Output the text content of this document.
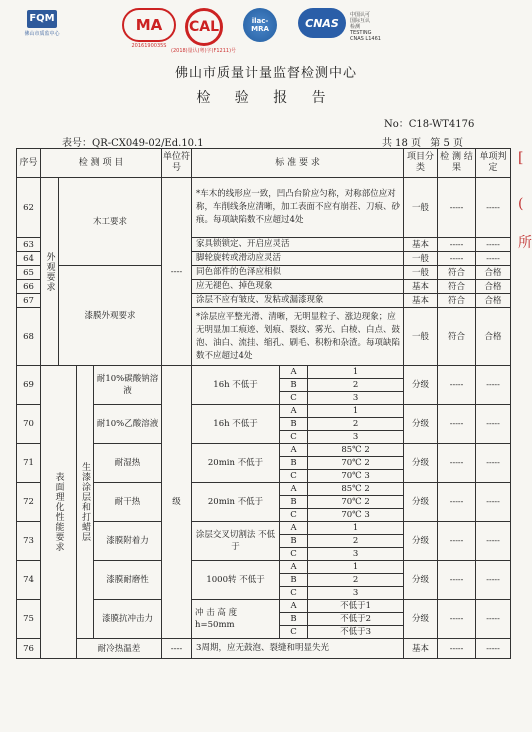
FQM
佛山市质监中心	MA
2016190035S
CAL
(2018)量认(粤)字(F1211)号
ilac-MRA	CNAS
中国认可
国际互认
检测
TESTING
CNAS L1461
佛山市质量计量监督检测中心
检 验 报 告
No：C18-WT4176
表号：QR-CX049-02/Ed.10.1	共 18 页 第 5 页
[
(
所
序号	检 测 项 目				单位符号	标 准 要 求			项目分类	检 测 结 果	单项判定
62	外观要求	木工要求			----	*车木的线形应一致，凹凸台阶应匀称，对称部位应对称，车削线条应清晰，加工表面不应有崩茬、刀痕、砂痕。每项缺陷数不应超过4处			一般	-----	-----
63						家具锁锁定、开启应灵活			基本	-----	-----
64						脚轮旋转或滑动应灵活			一般	-----	-----
65		漆膜外观要求				同色部件的色泽应相似			一般	符合	合格
66						应无褪色、掉色现象			基本	符合	合格
67						涂层不应有皱皮、发粘或漏漆现象			基本	符合	合格
68						*涂层应平整光滑、清晰，无明显粒子、涨边现象；应无明显加工痕迹、划痕、裂纹、雾光、白棱、白点、鼓泡、油白、流挂、缩孔、刷毛、积粉和杂渣。每项缺陷数不应超过4处			一般	符合	合格
69	表面理化性能要求		生漆涂层和打蜡层	耐10%碳酸钠溶液	级	16h 不低于	A	1	分级	-----	-----
							B	2			
							C	3			
70				耐10%乙酸溶液		16h 不低于	A	1	分级	-----	-----
							B	2			
							C	3			
71				耐湿热		20min 不低于	A	85℃ 2	分级	-----	-----
							B	70℃ 2			
							C	70℃ 3			
72				耐干热		20min 不低于	A	85℃ 2	分级	-----	-----
							B	70℃ 2			
							C	70℃ 3			
73				漆膜附着力		涂层交叉切割法 不低于	A	1	分级	-----	-----
							B	2			
							C	3			
74				漆膜耐磨性		1000转 不低于	A	1	分级	-----	-----
							B	2			
							C	3			
75				漆膜抗冲击力		冲 击 高 度 h=50mm	A	不低于1	分级	-----	-----
							B	不低于2			
							C	不低于3			
76			耐冷热温差		----	3周期，应无鼓泡、裂缝和明显失光			基本	-----	-----
